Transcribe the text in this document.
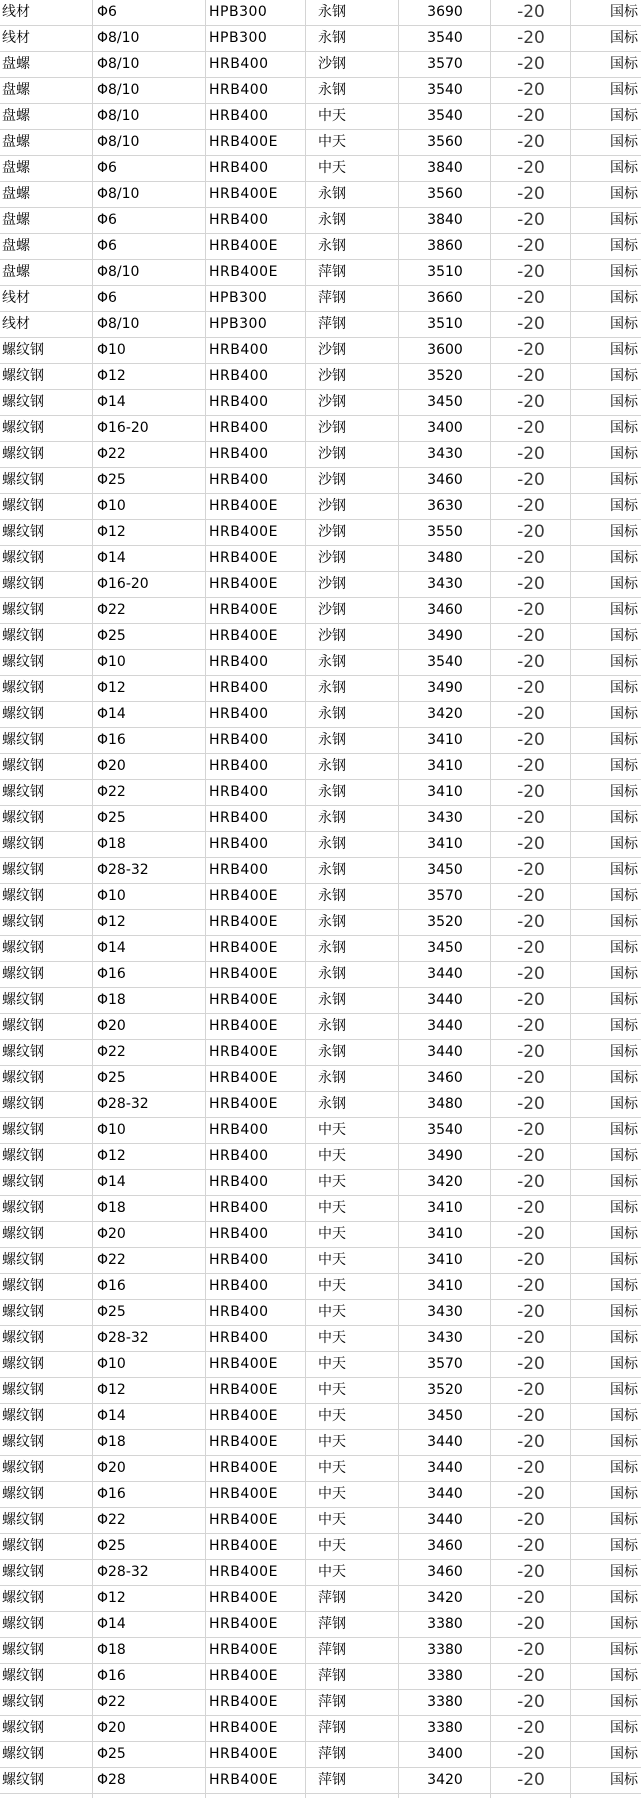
线材	Φ6	HPB300	永钢	3690	-20	国标
线材	Φ8/10	HPB300	永钢	3540	-20	国标
盘螺	Φ8/10	HRB400	沙钢	3570	-20	国标
盘螺	Φ8/10	HRB400	永钢	3540	-20	国标
盘螺	Φ8/10	HRB400	中天	3540	-20	国标
盘螺	Φ8/10	HRB400E	中天	3560	-20	国标
盘螺	Φ6	HRB400	中天	3840	-20	国标
盘螺	Φ8/10	HRB400E	永钢	3560	-20	国标
盘螺	Φ6	HRB400	永钢	3840	-20	国标
盘螺	Φ6	HRB400E	永钢	3860	-20	国标
盘螺	Φ8/10	HRB400E	萍钢	3510	-20	国标
线材	Φ6	HPB300	萍钢	3660	-20	国标
线材	Φ8/10	HPB300	萍钢	3510	-20	国标
螺纹钢	Φ10	HRB400	沙钢	3600	-20	国标
螺纹钢	Φ12	HRB400	沙钢	3520	-20	国标
螺纹钢	Φ14	HRB400	沙钢	3450	-20	国标
螺纹钢	Φ16-20	HRB400	沙钢	3400	-20	国标
螺纹钢	Φ22	HRB400	沙钢	3430	-20	国标
螺纹钢	Φ25	HRB400	沙钢	3460	-20	国标
螺纹钢	Φ10	HRB400E	沙钢	3630	-20	国标
螺纹钢	Φ12	HRB400E	沙钢	3550	-20	国标
螺纹钢	Φ14	HRB400E	沙钢	3480	-20	国标
螺纹钢	Φ16-20	HRB400E	沙钢	3430	-20	国标
螺纹钢	Φ22	HRB400E	沙钢	3460	-20	国标
螺纹钢	Φ25	HRB400E	沙钢	3490	-20	国标
螺纹钢	Φ10	HRB400	永钢	3540	-20	国标
螺纹钢	Φ12	HRB400	永钢	3490	-20	国标
螺纹钢	Φ14	HRB400	永钢	3420	-20	国标
螺纹钢	Φ16	HRB400	永钢	3410	-20	国标
螺纹钢	Φ20	HRB400	永钢	3410	-20	国标
螺纹钢	Φ22	HRB400	永钢	3410	-20	国标
螺纹钢	Φ25	HRB400	永钢	3430	-20	国标
螺纹钢	Φ18	HRB400	永钢	3410	-20	国标
螺纹钢	Φ28-32	HRB400	永钢	3450	-20	国标
螺纹钢	Φ10	HRB400E	永钢	3570	-20	国标
螺纹钢	Φ12	HRB400E	永钢	3520	-20	国标
螺纹钢	Φ14	HRB400E	永钢	3450	-20	国标
螺纹钢	Φ16	HRB400E	永钢	3440	-20	国标
螺纹钢	Φ18	HRB400E	永钢	3440	-20	国标
螺纹钢	Φ20	HRB400E	永钢	3440	-20	国标
螺纹钢	Φ22	HRB400E	永钢	3440	-20	国标
螺纹钢	Φ25	HRB400E	永钢	3460	-20	国标
螺纹钢	Φ28-32	HRB400E	永钢	3480	-20	国标
螺纹钢	Φ10	HRB400	中天	3540	-20	国标
螺纹钢	Φ12	HRB400	中天	3490	-20	国标
螺纹钢	Φ14	HRB400	中天	3420	-20	国标
螺纹钢	Φ18	HRB400	中天	3410	-20	国标
螺纹钢	Φ20	HRB400	中天	3410	-20	国标
螺纹钢	Φ22	HRB400	中天	3410	-20	国标
螺纹钢	Φ16	HRB400	中天	3410	-20	国标
螺纹钢	Φ25	HRB400	中天	3430	-20	国标
螺纹钢	Φ28-32	HRB400	中天	3430	-20	国标
螺纹钢	Φ10	HRB400E	中天	3570	-20	国标
螺纹钢	Φ12	HRB400E	中天	3520	-20	国标
螺纹钢	Φ14	HRB400E	中天	3450	-20	国标
螺纹钢	Φ18	HRB400E	中天	3440	-20	国标
螺纹钢	Φ20	HRB400E	中天	3440	-20	国标
螺纹钢	Φ16	HRB400E	中天	3440	-20	国标
螺纹钢	Φ22	HRB400E	中天	3440	-20	国标
螺纹钢	Φ25	HRB400E	中天	3460	-20	国标
螺纹钢	Φ28-32	HRB400E	中天	3460	-20	国标
螺纹钢	Φ12	HRB400E	萍钢	3420	-20	国标
螺纹钢	Φ14	HRB400E	萍钢	3380	-20	国标
螺纹钢	Φ18	HRB400E	萍钢	3380	-20	国标
螺纹钢	Φ16	HRB400E	萍钢	3380	-20	国标
螺纹钢	Φ22	HRB400E	萍钢	3380	-20	国标
螺纹钢	Φ20	HRB400E	萍钢	3380	-20	国标
螺纹钢	Φ25	HRB400E	萍钢	3400	-20	国标
螺纹钢	Φ28	HRB400E	萍钢	3420	-20	国标
